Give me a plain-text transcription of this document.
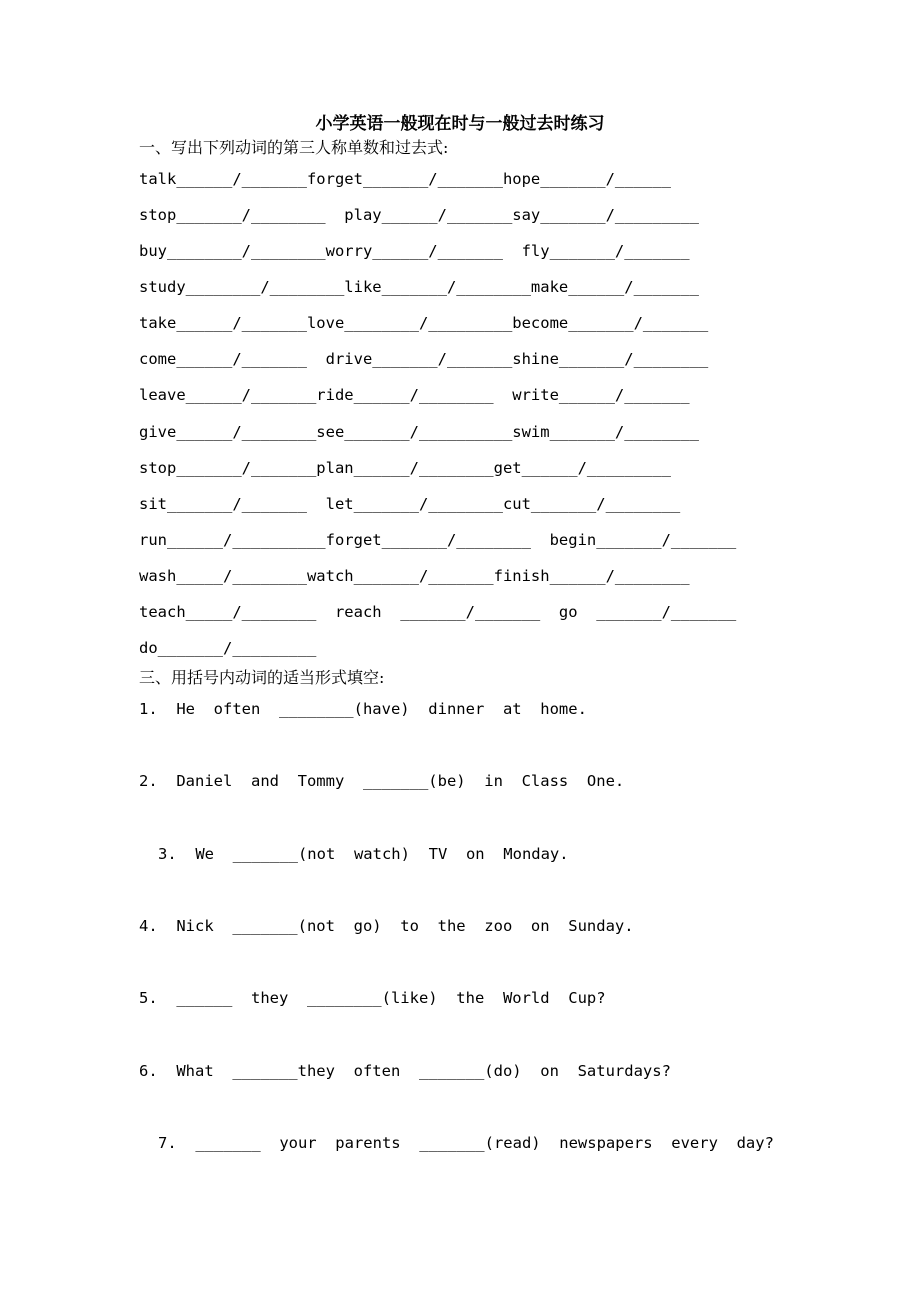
小学英语一般现在时与一般过去时练习
一、写出下列动词的第三人称单数和过去式:
talk______/_______forget_______/_______hope_______/______
stop_______/________  play______/_______say_______/_________
buy________/________worry______/_______  fly_______/_______
study________/________like_______/________make______/_______
take______/_______love________/_________become_______/_______
come______/_______  drive_______/_______shine_______/________
leave______/_______ride______/________  write______/_______
give______/________see_______/__________swim_______/________
stop_______/_______plan______/________get______/_________
sit_______/_______  let_______/________cut_______/________
run______/__________forget_______/________  begin_______/_______
wash_____/________watch_______/_______finish______/________
teach_____/________  reach  _______/_______  go  _______/_______
do_______/_________
三、用括号内动词的适当形式填空:
1.  He  often  ________(have)  dinner  at  home.
2.  Daniel  and  Tommy  _______(be)  in  Class  One.
3.  We  _______(not  watch)  TV  on  Monday.
4.  Nick  _______(not  go)  to  the  zoo  on  Sunday.
5.  ______  they  ________(like)  the  World  Cup?
6.  What  _______they  often  _______(do)  on  Saturdays?
7.  _______  your  parents  _______(read)  newspapers  every  day?
